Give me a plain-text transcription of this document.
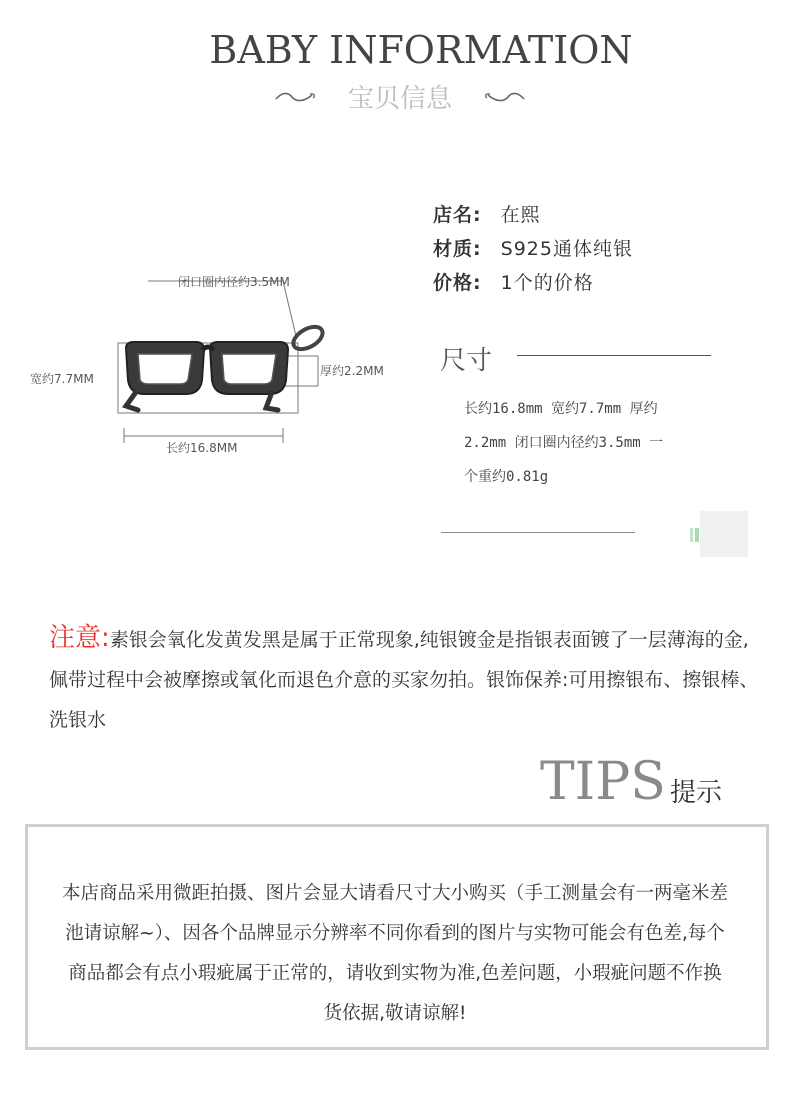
BABY INFORMATION
宝贝信息
店名: 在熙
材质: S925通体纯银
价格: 1个的价格
尺寸
长约16.8mm 宽约7.7mm 厚约
2.2mm 闭口圈内径约3.5mm 一
个重约0.81g
闭口圈内径约3.5MM
宽约7.7MM
厚约2.2MM
长约16.8MM
注意:素银会氧化发黄发黑是属于正常现象,纯银镀金是指银表面镀了一层薄海的金,佩带过程中会被摩擦或氧化而退色介意的买家勿拍。银饰保养:可用擦银布、擦银棒、洗银水
TIPS 提示
本店商品采用微距拍摄、图片会显大请看尺寸大小购买（手工测量会有一两毫米差池请谅解~）、因各个品牌显示分辨率不同你看到的图片与实物可能会有色差,每个商品都会有点小瑕疵属于正常的，请收到实物为准,色差问题，小瑕疵问题不作换货依据,敬请谅解!
